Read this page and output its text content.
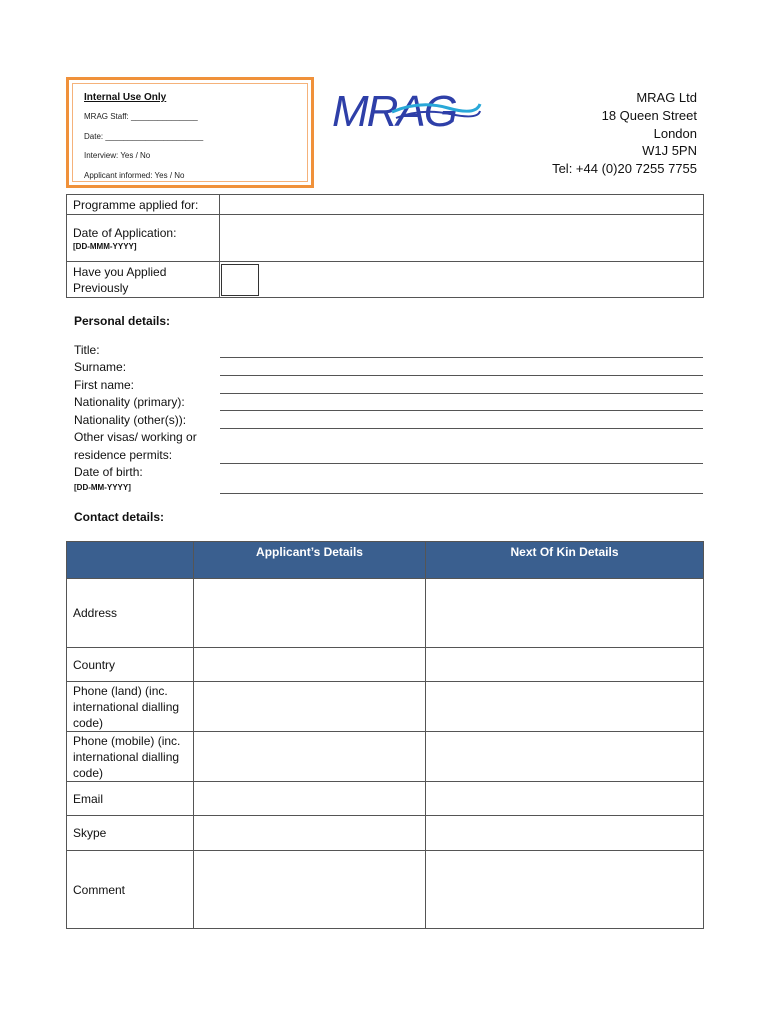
Internal Use Only
MRAG Staff: _______________
Date: ______________________
Interview: Yes / No
Applicant informed: Yes / No
MRAG	MRAG Ltd
18 Queen Street
London
W1J 5PN
Tel: +44 (0)20 7255 7755
Programme applied for:	
Date of Application:
[DD-MMM-YYYY]	

Have you Applied
Previously	

Personal details:
Title:
Surname:
First name:
Nationality (primary):
Nationality (other(s)):
Other visas/ working or
residence permits:
Date of birth:
[DD-MM-YYYY]
Contact details:
	Applicant’s Details	Next Of Kin Details
Address		
Country		
Phone (land) (inc. international dialling code)		
Phone (mobile) (inc. international dialling code)		
Email		
Skype		
Comment		
